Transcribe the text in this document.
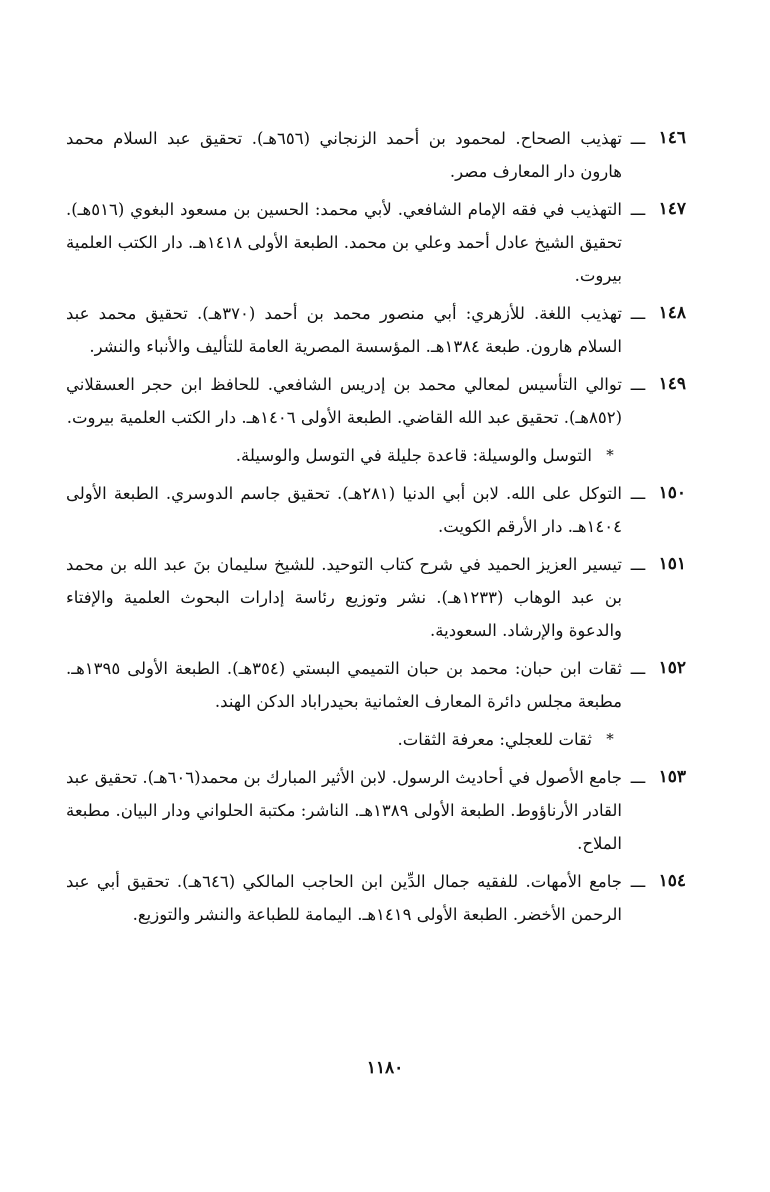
١٤٦
ـــ
تهذيب الصحاح. لمحمود بن أحمد الزنجاني (٦٥٦هـ). تحقيق عبد السلام محمد هارون دار المعارف مصر.
١٤٧
ـــ
التهذيب في فقه الإمام الشافعي. لأبي محمد: الحسين بن مسعود البغوي (٥١٦هـ). تحقيق الشيخ عادل أحمد وعلي بن محمد. الطبعة الأولى ١٤١٨هـ. دار الكتب العلمية بيروت.
١٤٨
ـــ
تهذيب اللغة. للأزهري: أبي منصور محمد بن أحمد (٣٧٠هـ). تحقيق محمد عبد السلام هارون. طبعة ١٣٨٤هـ. المؤسسة المصرية العامة للتأليف والأنباء والنشر.
١٤٩
ـــ
توالي التأسيس لمعالي محمد بن إدريس الشافعي. للحافظ ابن حجر العسقلاني (٨٥٢هـ). تحقيق عبد الله القاضي. الطبعة الأولى ١٤٠٦هـ. دار الكتب العلمية بيروت.
*
التوسل والوسيلة: قاعدة جليلة في التوسل والوسيلة.
١٥٠
ـــ
التوكل على الله. لابن أبي الدنيا (٢٨١هـ). تحقيق جاسم الدوسري. الطبعة الأولى ١٤٠٤هـ. دار الأرقم الكويت.
١٥١
ـــ
تيسير العزيز الحميد في شرح كتاب التوحيد. للشيخ سليمان بنَ عبد الله بن محمد بن عبد الوهاب (١٢٣٣هـ). نشر وتوزيع رئاسة إدارات البحوث العلمية والإفتاء والدعوة والإرشاد. السعودية.
١٥٢
ـــ
ثقات ابن حبان: محمد بن حبان التميمي البستي (٣٥٤هـ). الطبعة الأولى ١٣٩٥هـ. مطبعة مجلس دائرة المعارف العثمانية بحيدراباد الدكن الهند.
*
ثقات للعجلي: معرفة الثقات.
١٥٣
ـــ
جامع الأصول في أحاديث الرسول. لابن الأثير المبارك بن محمد(٦٠٦هـ). تحقيق عبد القادر الأرناؤوط. الطبعة الأولى ١٣٨٩هـ. الناشر: مكتبة الحلواني ودار البيان. مطبعة الملاح.
١٥٤
ـــ
جامع الأمهات. للفقيه جمال الدِّين ابن الحاجب المالكي (٦٤٦هـ). تحقيق أبي عبد الرحمن الأخضر. الطبعة الأولى ١٤١٩هـ. اليمامة للطباعة والنشر والتوزيع.
١١٨٠
